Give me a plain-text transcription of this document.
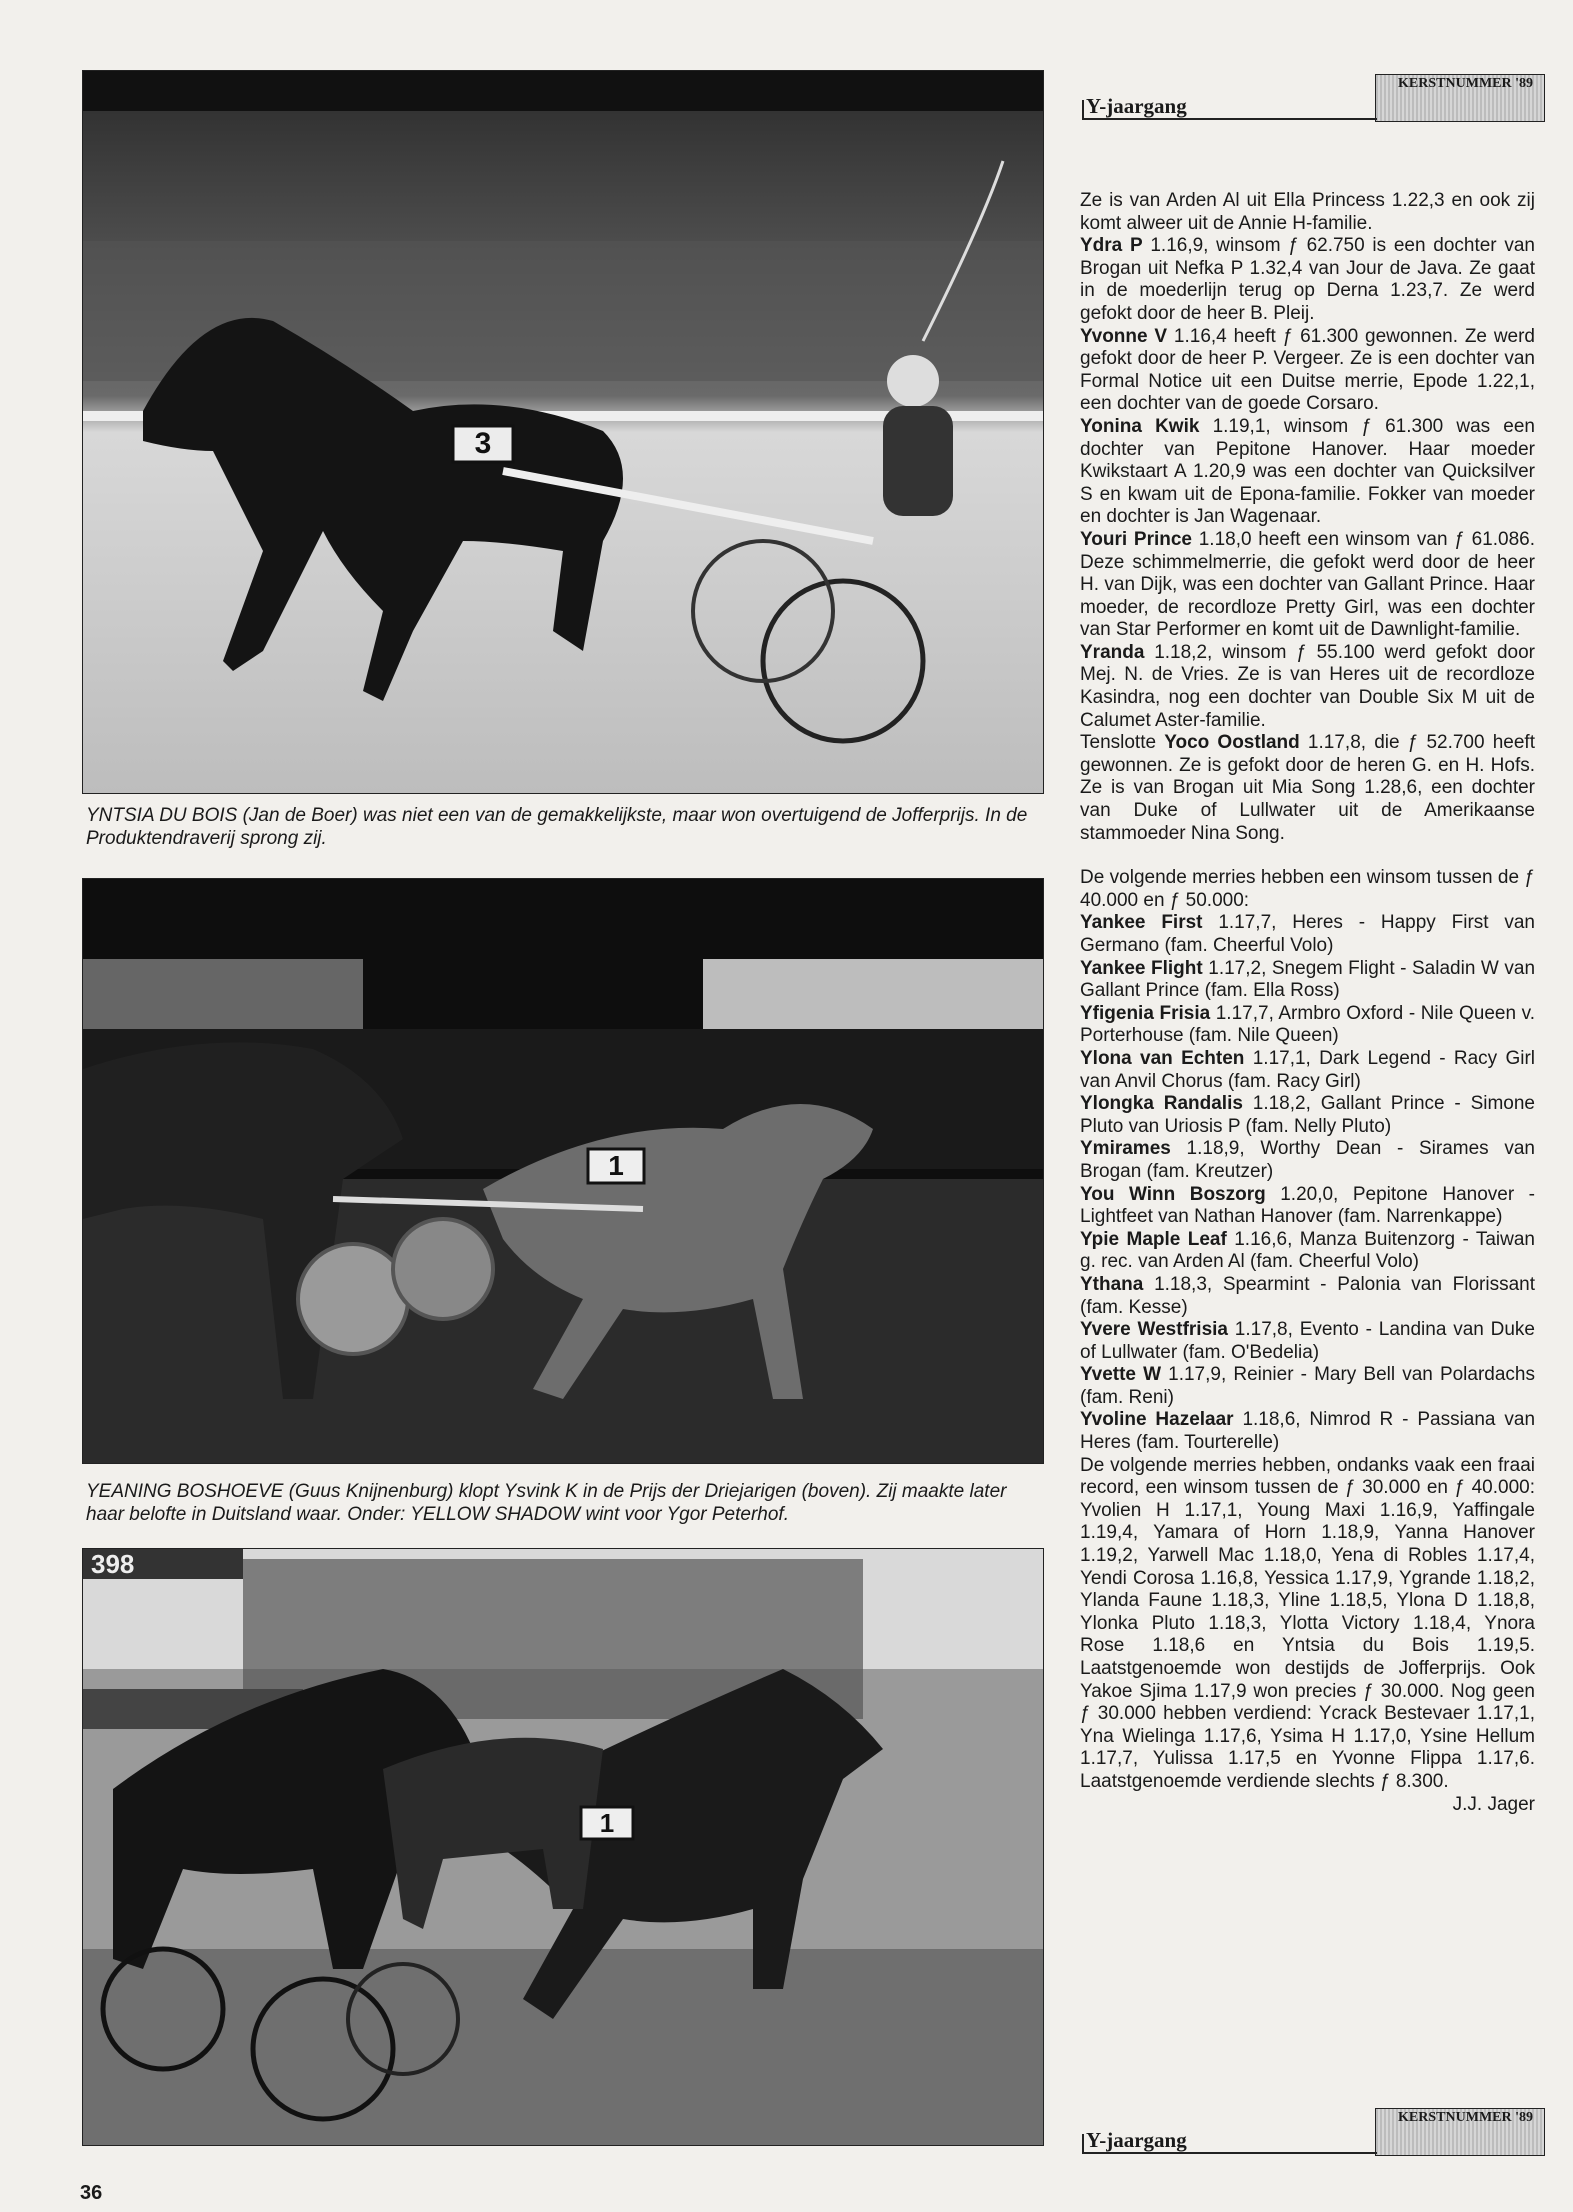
3
YNTSIA DU BOIS (Jan de Boer) was niet een van de gemakkelijkste, maar won overtuigend de Jofferprijs. In de Produktendraverij sprong zij.
1
YEANING BOSHOEVE (Guus Knijnenburg) klopt Ysvink K in de Prijs der Driejarigen (boven). Zij maakte later haar belofte in Duitsland waar. Onder: YELLOW SHADOW wint voor Ygor Peterhof.
398
1
KERSTNUMMER '89
Y-jaargang

Ze is van Arden Al uit Ella Princess 1.22,3 en ook zij komt alweer uit de Annie H-familie.

Ydra P 1.16,9, winsom ƒ 62.750 is een dochter van Brogan uit Nefka P 1.32,4 van Jour de Java. Ze gaat in de moederlijn terug op Derna 1.23,7. Ze werd gefokt door de heer B. Pleij.

Yvonne V 1.16,4 heeft ƒ 61.300 gewonnen. Ze werd gefokt door de heer P. Vergeer. Ze is een dochter van Formal Notice uit een Duitse merrie, Epode 1.22,1, een dochter van de goede Corsaro.

Yonina Kwik 1.19,1, winsom ƒ 61.300 was een dochter van Pepitone Hanover. Haar moeder Kwikstaart A 1.20,9 was een dochter van Quicksilver S en kwam uit de Epona-familie. Fokker van moeder en dochter is Jan Wagenaar.

Youri Prince 1.18,0 heeft een winsom van ƒ 61.086. Deze schimmelmerrie, die gefokt werd door de heer H. van Dijk, was een dochter van Gallant Prince. Haar moeder, de recordloze Pretty Girl, was een dochter van Star Performer en komt uit de Dawnlight-familie.

Yranda 1.18,2, winsom ƒ 55.100 werd gefokt door Mej. N. de Vries. Ze is van Heres uit de recordloze Kasindra, nog een dochter van Double Six M uit de Calumet Aster-familie.

Tenslotte Yoco Oostland 1.17,8, die ƒ 52.700 heeft gewonnen. Ze is gefokt door de heren G. en H. Hofs. Ze is van Brogan uit Mia Song 1.28,6, een dochter van Duke of Lullwater uit de Amerikaanse stammoeder Nina Song.

De volgende merries hebben een winsom tussen de ƒ 40.000 en ƒ 50.000:

Yankee First 1.17,7, Heres - Happy First van Germano (fam. Cheerful Volo)

Yankee Flight 1.17,2, Snegem Flight - Saladin W van Gallant Prince (fam. Ella Ross)

Yfigenia Frisia 1.17,7, Armbro Oxford - Nile Queen v. Porterhouse (fam. Nile Queen)

Ylona van Echten 1.17,1, Dark Legend - Racy Girl van Anvil Chorus (fam. Racy Girl)

Ylongka Randalis 1.18,2, Gallant Prince - Simone Pluto van Uriosis P (fam. Nelly Pluto)

Ymirames 1.18,9, Worthy Dean - Sirames van Brogan (fam. Kreutzer)

You Winn Boszorg 1.20,0, Pepitone Hanover - Lightfeet van Nathan Hanover (fam. Narrenkappe)

Ypie Maple Leaf 1.16,6, Manza Buitenzorg - Taiwan g. rec. van Arden Al (fam. Cheerful Volo)

Ythana 1.18,3, Spearmint - Palonia van Florissant (fam. Kesse)

Yvere Westfrisia 1.17,8, Evento - Landina van Duke of Lullwater (fam. O'Bedelia)

Yvette W 1.17,9, Reinier - Mary Bell van Polardachs (fam. Reni)

Yvoline Hazelaar 1.18,6, Nimrod R - Passiana van Heres (fam. Tourterelle)

De volgende merries hebben, ondanks vaak een fraai record, een winsom tussen de ƒ 30.000 en ƒ 40.000: Yvolien H 1.17,1, Young Maxi 1.16,9, Yaffingale 1.19,4, Yamara of Horn 1.18,9, Yanna Hanover 1.19,2, Yarwell Mac 1.18,0, Yena di Robles 1.17,4, Yendi Corosa 1.16,8, Yessica 1.17,9, Ygrande 1.18,2, Ylanda Faune 1.18,3, Yline 1.18,5, Ylona D 1.18,8, Ylonka Pluto 1.18,3, Ylotta Victory 1.18,4, Ynora Rose 1.18,6 en Yntsia du Bois 1.19,5. Laatstgenoemde won destijds de Jofferprijs. Ook Yakoe Sjima 1.17,9 won precies ƒ 30.000. Nog geen ƒ 30.000 hebben verdiend: Ycrack Bestevaer 1.17,1, Yna Wielinga 1.17,6, Ysima H 1.17,0, Ysine Hellum 1.17,7, Yulissa 1.17,5 en Yvonne Flippa 1.17,6. Laatstgenoemde verdiende slechts ƒ 8.300.

J.J. Jager

KERSTNUMMER '89
Y-jaargang
36
